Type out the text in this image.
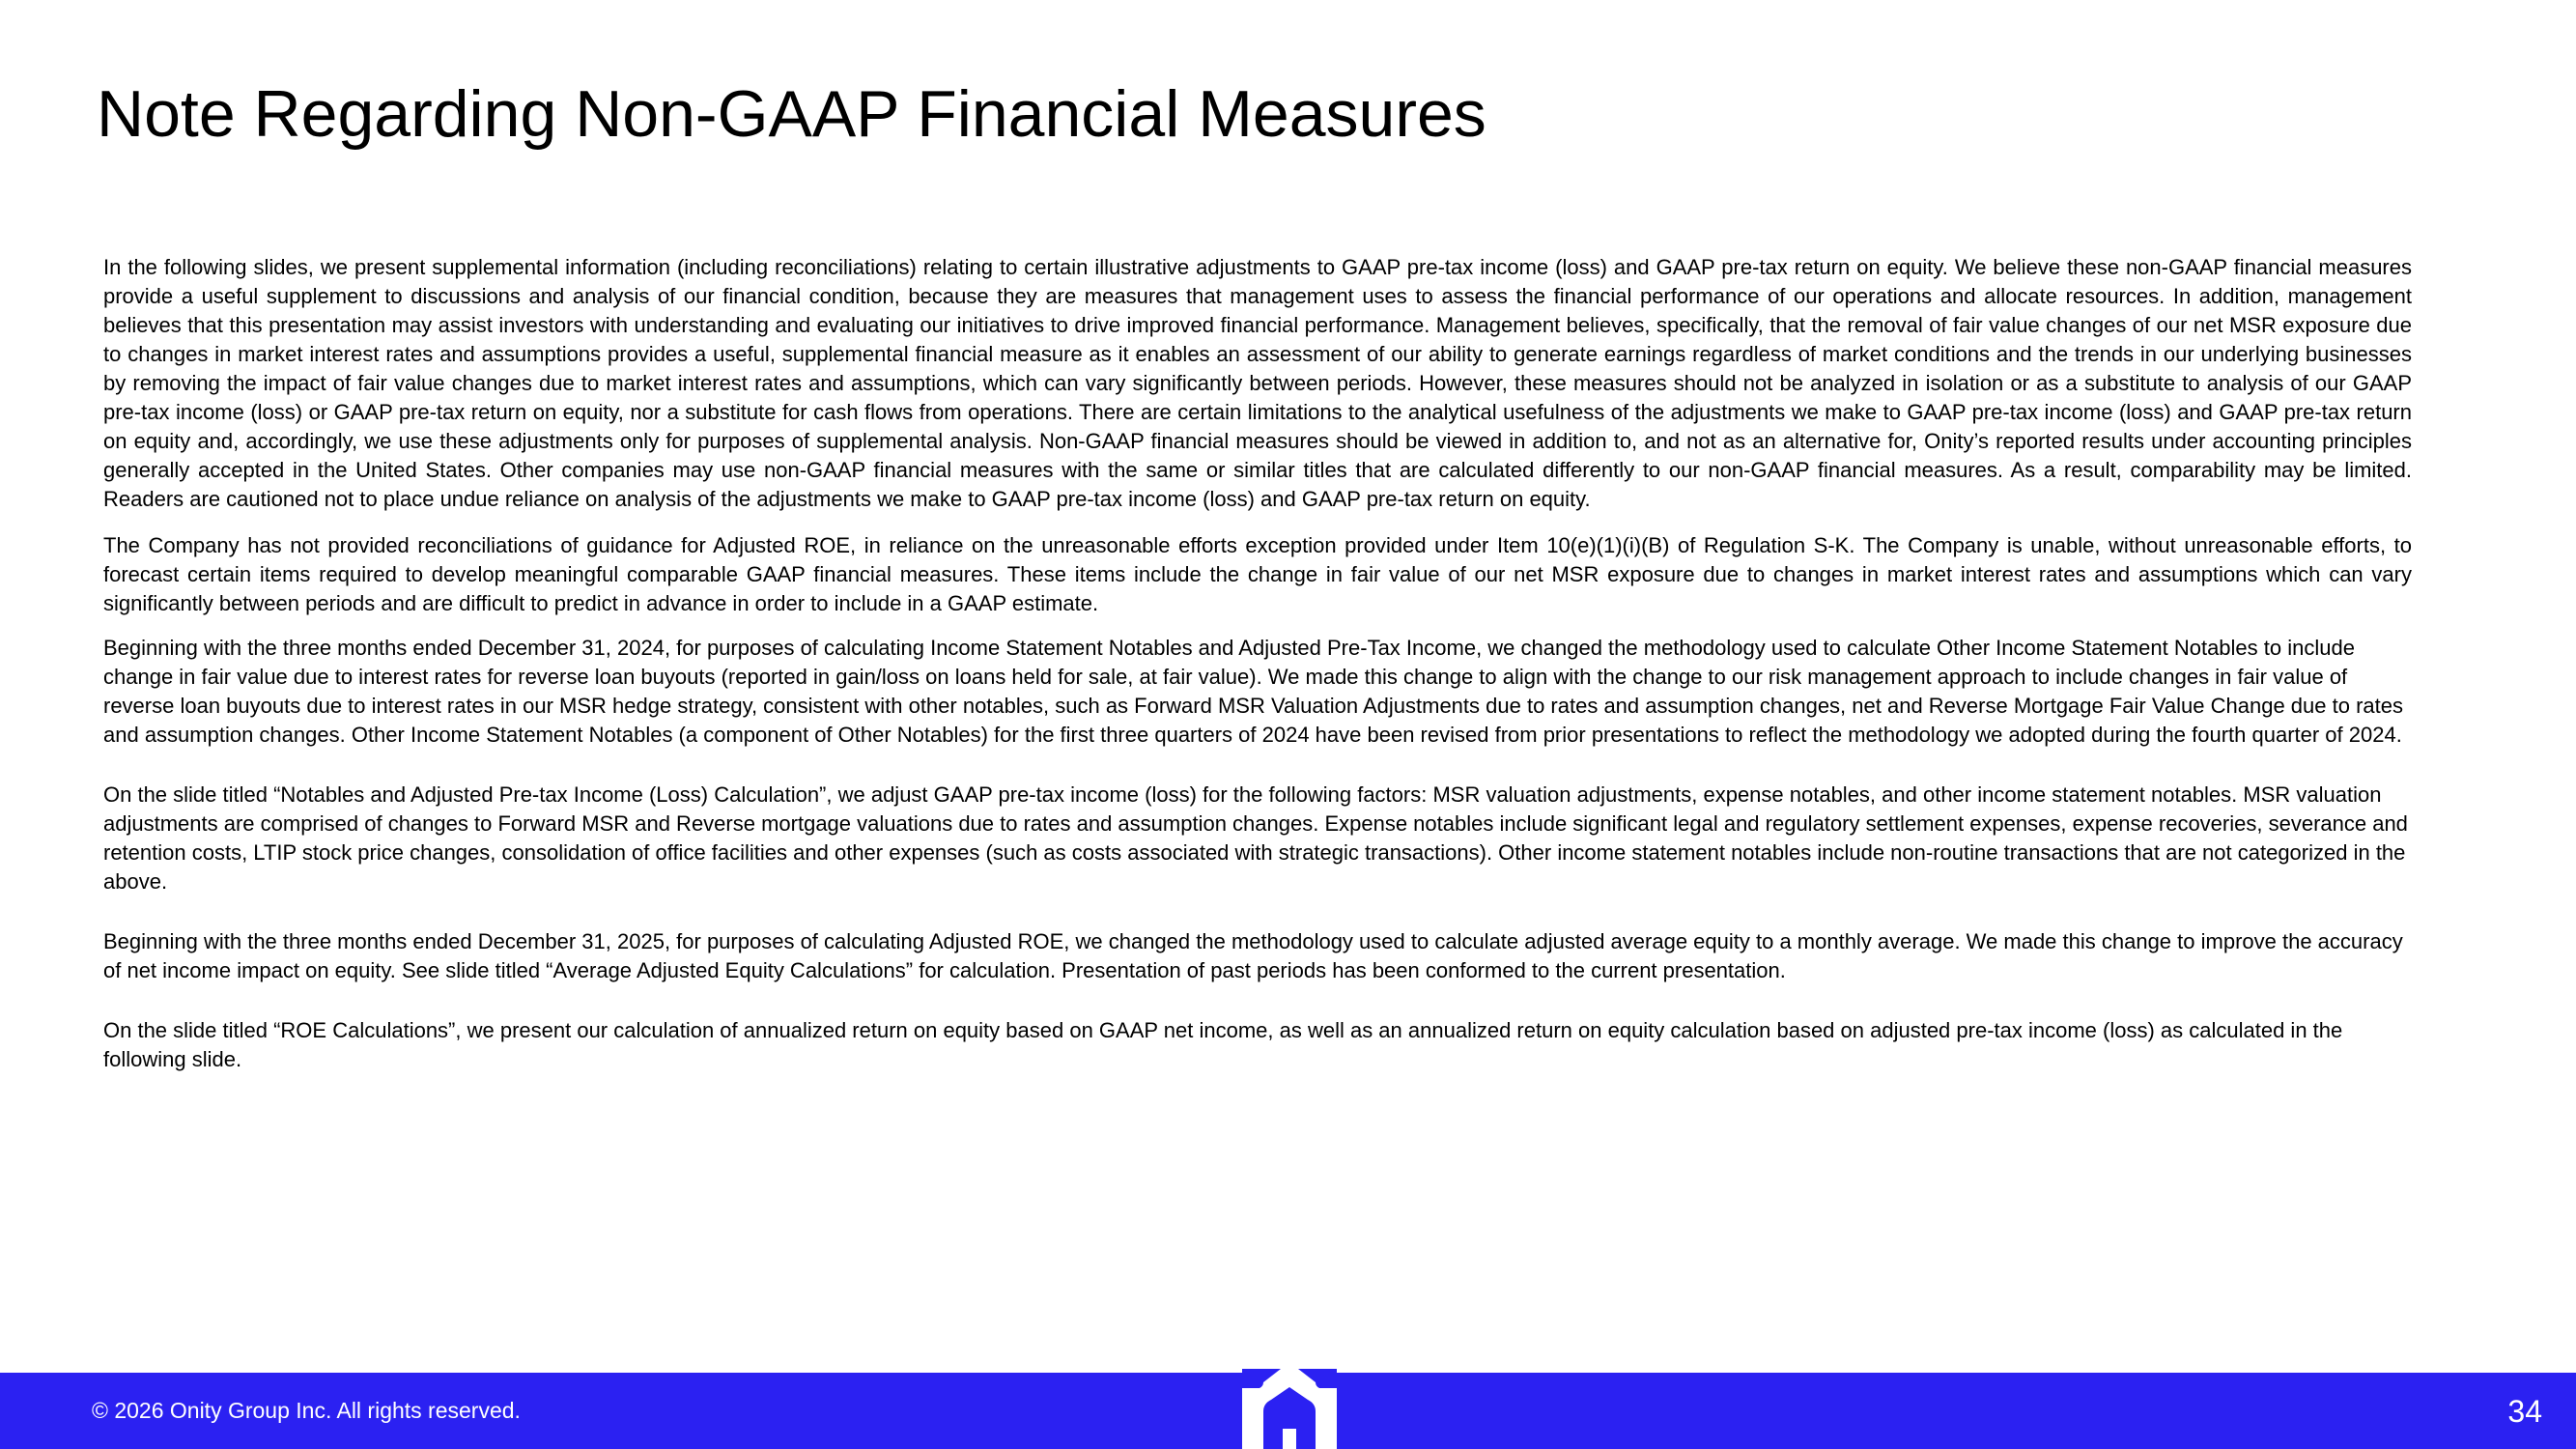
Note Regarding Non-GAAP Financial Measures

In the following slides, we present supplemental information (including reconciliations) relating to certain illustrative adjustments to GAAP pre-tax income (loss) and GAAP pre-tax return on equity. We believe these non-GAAP financial measures provide a useful supplement to discussions and analysis of our financial condition, because they are measures that management uses to assess the financial performance of our operations and allocate resources. In addition, management believes that this presentation may assist investors with understanding and evaluating our initiatives to drive improved financial performance. Management believes, specifically, that the removal of fair value changes of our net MSR exposure due to changes in market interest rates and assumptions provides a useful, supplemental financial measure as it enables an assessment of our ability to generate earnings regardless of market conditions and the trends in our underlying businesses by removing the impact of fair value changes due to market interest rates and assumptions, which can vary significantly between periods. However, these measures should not be analyzed in isolation or as a substitute to analysis of our GAAP pre-tax income (loss) or GAAP pre-tax return on equity, nor a substitute for cash flows from operations. There are certain limitations to the analytical usefulness of the adjustments we make to GAAP pre-tax income (loss) and GAAP pre-tax return on equity and, accordingly, we use these adjustments only for purposes of supplemental analysis. Non-GAAP financial measures should be viewed in addition to, and not as an alternative for, Onity’s reported results under accounting principles generally accepted in the United States. Other companies may use non-GAAP financial measures with the same or similar titles that are calculated differently to our non-GAAP financial measures. As a result, comparability may be limited. Readers are cautioned not to place undue reliance on analysis of the adjustments we make to GAAP pre-tax income (loss) and GAAP pre-tax return on equity.

The Company has not provided reconciliations of guidance for Adjusted ROE, in reliance on the unreasonable efforts exception provided under Item 10(e)(1)(i)(B) of Regulation S-K. The Company is unable, without unreasonable efforts, to forecast certain items required to develop meaningful comparable GAAP financial measures. These items include the change in fair value of our net MSR exposure due to changes in market interest rates and assumptions which can vary significantly between periods and are difficult to predict in advance in order to include in a GAAP estimate.

Beginning with the three months ended December 31, 2024, for purposes of calculating Income Statement Notables and Adjusted Pre-Tax Income, we changed the methodology used to calculate Other Income Statement Notables to include change in fair value due to interest rates for reverse loan buyouts (reported in gain/loss on loans held for sale, at fair value). We made this change to align with the change to our risk management approach to include changes in fair value of reverse loan buyouts due to interest rates in our MSR hedge strategy, consistent with other notables, such as Forward MSR Valuation Adjustments due to rates and assumption changes, net and Reverse Mortgage Fair Value Change due to rates and assumption changes. Other Income Statement Notables (a component of Other Notables) for the first three quarters of 2024 have been revised from prior presentations to reflect the methodology we adopted during the fourth quarter of 2024.

On the slide titled “Notables and Adjusted Pre-tax Income (Loss) Calculation”, we adjust GAAP pre-tax income (loss) for the following factors: MSR valuation adjustments, expense notables, and other income statement notables. MSR valuation adjustments are comprised of changes to Forward MSR and Reverse mortgage valuations due to rates and assumption changes. Expense notables include significant legal and regulatory settlement expenses, expense recoveries, severance and retention costs, LTIP stock price changes, consolidation of office facilities and other expenses (such as costs associated with strategic transactions). Other income statement notables include non-routine transactions that are not categorized in the above.

Beginning with the three months ended December 31, 2025, for purposes of calculating Adjusted ROE, we changed the methodology used to calculate adjusted average equity to a monthly average. We made this change to improve the accuracy of net income impact on equity. See slide titled “Average Adjusted Equity Calculations” for calculation. Presentation of past periods has been conformed to the current presentation.

On the slide titled “ROE Calculations”, we present our calculation of annualized return on equity based on GAAP net income, as well as an annualized return on equity calculation based on adjusted pre-tax income (loss) as calculated in the following slide.

© 2026 Onity Group Inc. All rights reserved.	34
